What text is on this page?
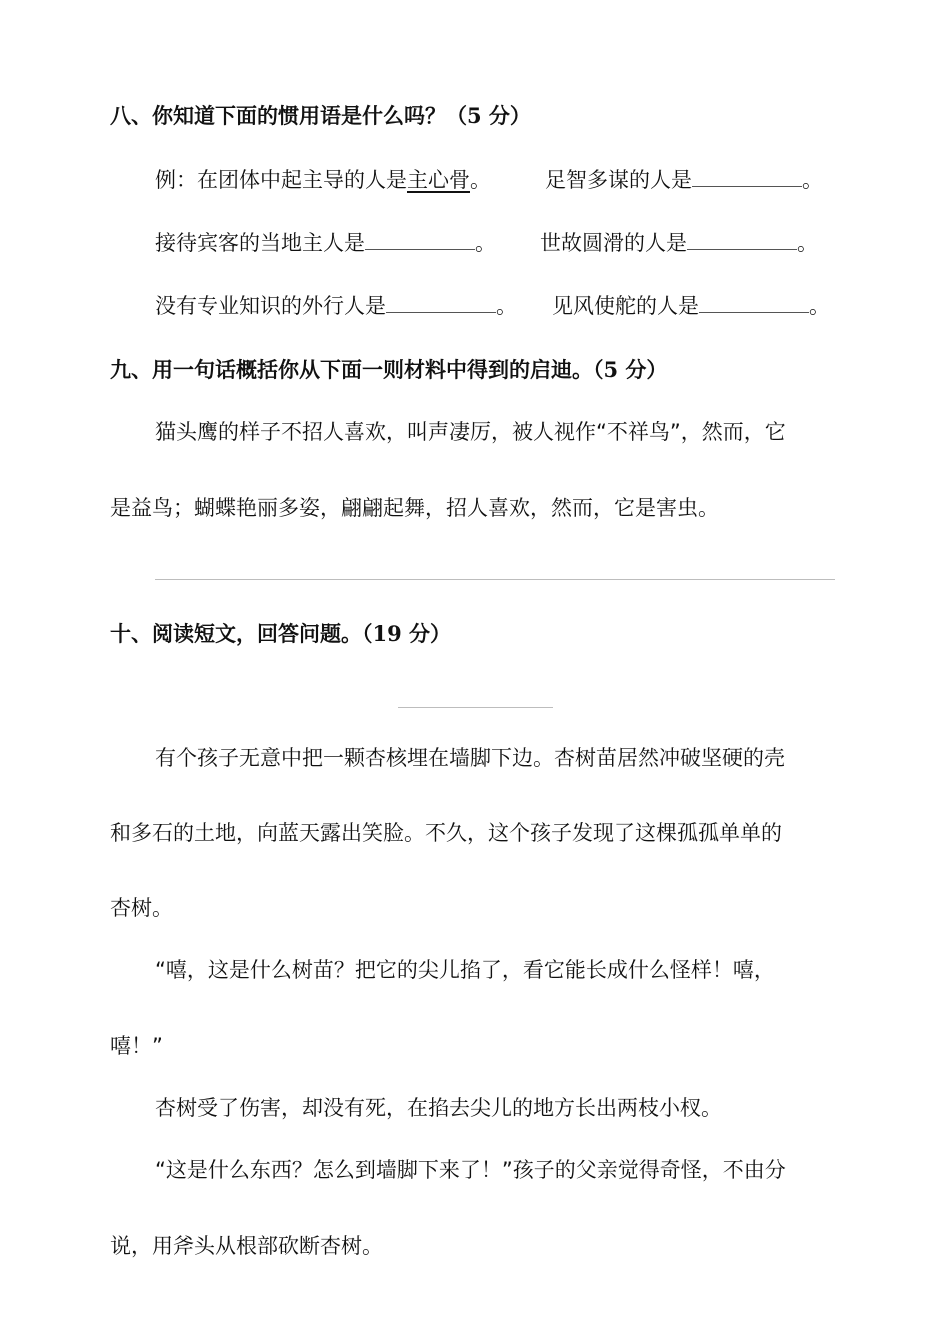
八、你知道下面的惯用语是什么吗？（5 分）
例：在团体中起主导的人是主心骨。	足智多谋的人是	。
接待宾客的当地主人是	。 世故圆滑的人是	。
没有专业知识的外行人是	。 见风使舵的人是	。
九、用一句话概括你从下面一则材料中得到的启迪。（5 分）
猫头鹰的样子不招人喜欢，叫声凄厉，被人视作“不祥鸟”，然而，它
是益鸟；蝴蝶艳丽多姿，翩翩起舞，招人喜欢，然而，它是害虫。
十、阅读短文，回答问题。（19 分）
有个孩子无意中把一颗杏核埋在墙脚下边。杏树苗居然冲破坚硬的壳
和多石的土地，向蓝天露出笑脸。不久，这个孩子发现了这棵孤孤单单的
杏树。
“嘻，这是什么树苗？把它的尖儿掐了，看它能长成什么怪样！嘻，
嘻！”
杏树受了伤害，却没有死，在掐去尖儿的地方长出两枝小杈。
“这是什么东西？怎么到墙脚下来了！”孩子的父亲觉得奇怪，不由分
说，用斧头从根部砍断杏树。
